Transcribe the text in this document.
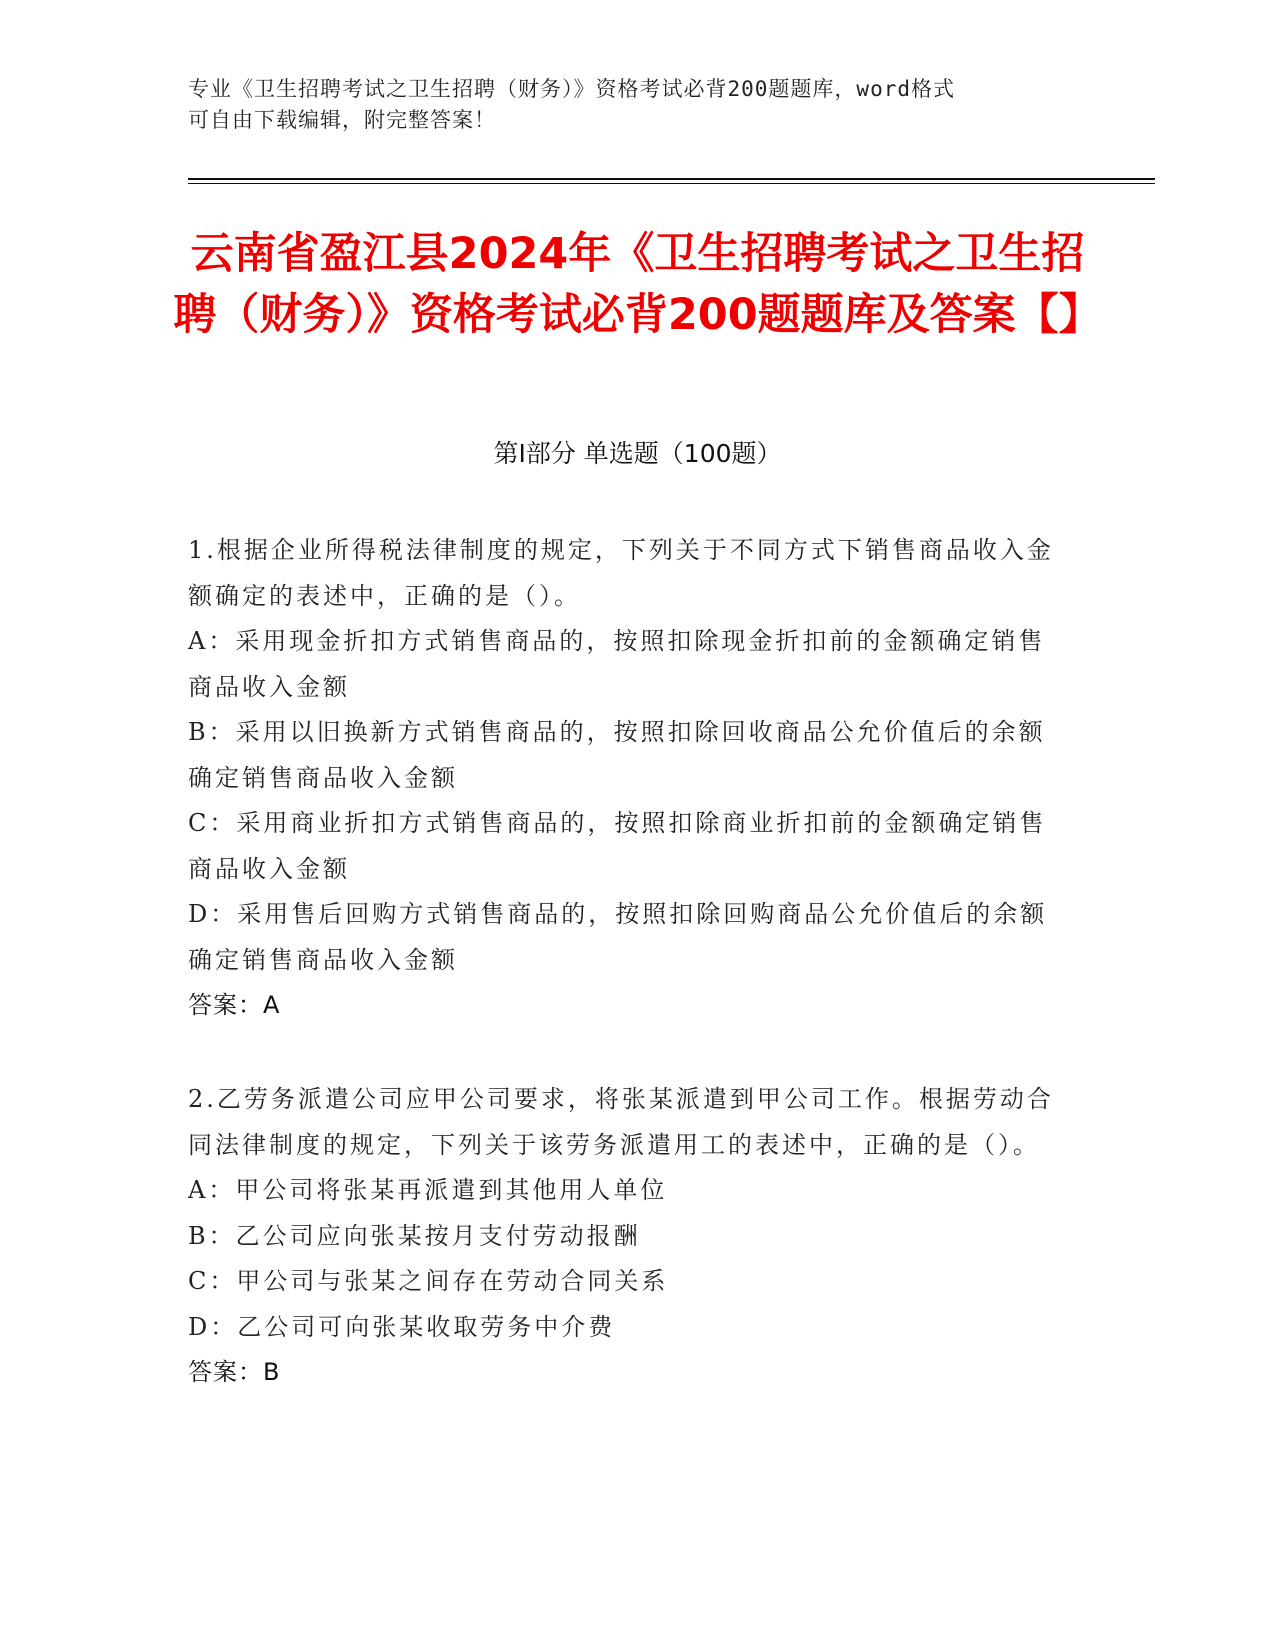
专业《卫生招聘考试之卫生招聘（财务）》资格考试必背200题题库，word格式
可自由下载编辑，附完整答案！
云南省盈江县2024年《卫生招聘考试之卫生招聘（财务）》资格考试必背200题题库及答案【】
第Ⅰ部分 单选题（100题）

1.根据企业所得税法律制度的规定，下列关于不同方式下销售商品收入金额确定的表述中，正确的是（）。

A：采用现金折扣方式销售商品的，按照扣除现金折扣前的金额确定销售商品收入金额

B：采用以旧换新方式销售商品的，按照扣除回收商品公允价值后的余额确定销售商品收入金额

C：采用商业折扣方式销售商品的，按照扣除商业折扣前的金额确定销售商品收入金额

D：采用售后回购方式销售商品的，按照扣除回购商品公允价值后的余额确定销售商品收入金额

答案：A

2.乙劳务派遣公司应甲公司要求，将张某派遣到甲公司工作。根据劳动合同法律制度的规定，下列关于该劳务派遣用工的表述中，正确的是（）。

A：甲公司将张某再派遣到其他用人单位

B：乙公司应向张某按月支付劳动报酬

C：甲公司与张某之间存在劳动合同关系

D：乙公司可向张某收取劳务中介费

答案：B
